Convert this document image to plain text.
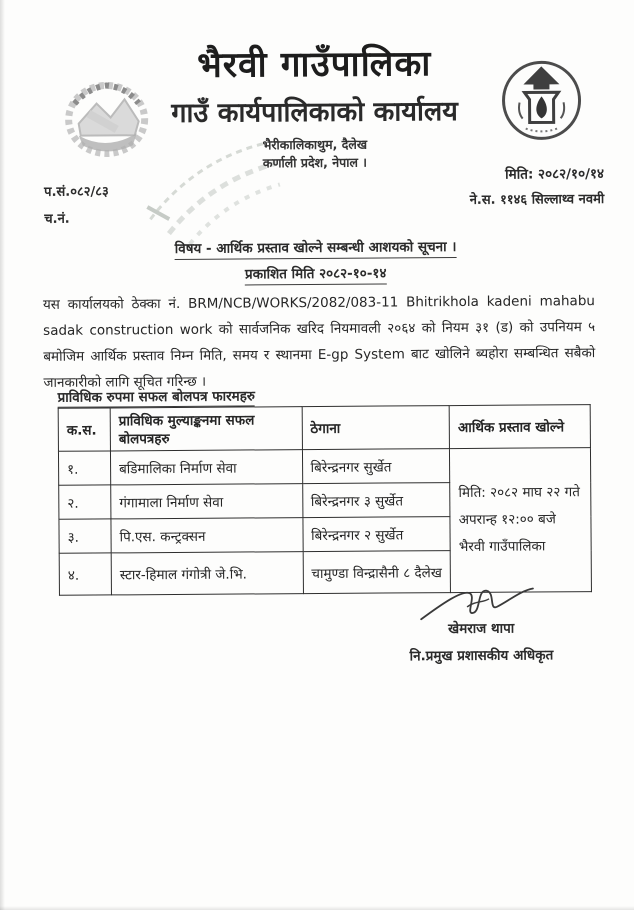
भैरवी गाउँपालिका
गाउँ कार्यपालिकाको कार्यालय
भैरीकालिकाथुम, दैलेख
कर्णाली प्रदेश, नेपाल ।
प.सं.०८२/८३
च.नं.
मिति: २०८२/१०/१४
ने.स. ११४६ सिल्लाथ्व नवमी
विषय - आर्थिक प्रस्ताव खोल्ने सम्बन्धी आशयको सूचना ।
प्रकाशित मिति २०८२-१०-१४
यस कार्यालयको ठेक्का नं. BRM/NCB/WORKS/2082/083-11 Bhitrikhola kadeni mahabu sadak construction work को सार्वजनिक खरिद नियमावली २०६४ को नियम ३१ (ड) को उपनियम ५ बमोजिम आर्थिक प्रस्ताव निम्न मिति, समय र स्थानमा E-gp System बाट खोलिने ब्यहोरा सम्बन्धित सबैको जानकारीको लागि सूचित गरिन्छ ।
प्राविधिक रुपमा सफल बोलपत्र फारमहरु
क.स.	प्राविधिक मुल्याङ्कनमा सफल बोलपत्रहरु	ठेगाना	आर्थिक प्रस्ताव खोल्ने
१.	बडिमालिका निर्माण सेवा	बिरेन्द्रनगर सुर्खेत	मिति: २०८२ माघ २२ गते अपरान्ह १२:०० बजे भैरवी गाउँपालिका
२.	गंगामाला निर्माण सेवा	बिरेन्द्रनगर ३ सुर्खेत	
३.	पि.एस. कन्ट्रक्सन	बिरेन्द्रनगर २ सुर्खेत	
४.	स्टार-हिमाल गंगोत्री जे.भि.	चामुण्डा विन्द्रासैनी ८ दैलेख	
खेमराज थापा
नि.प्रमुख प्रशासकीय अधिकृत
